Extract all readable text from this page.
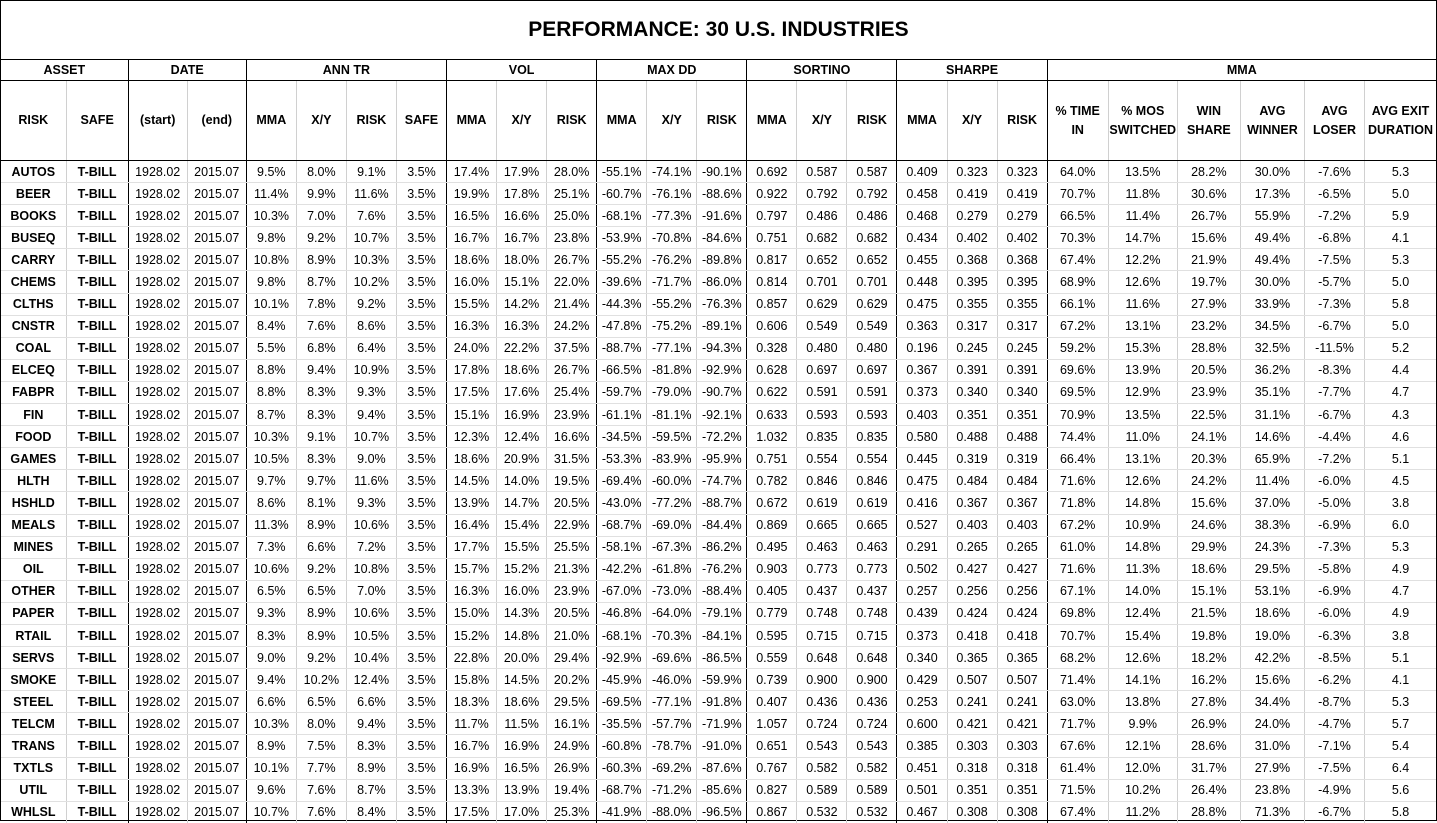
PERFORMANCE: 30 U.S. INDUSTRIES
ASSET		DATE		ANN TR				VOL			MAX DD			SORTINO			SHARPE			MMA					
RISK	SAFE	(start)	(end)	MMA	X/Y	RISK	SAFE	MMA	X/Y	RISK	MMA	X/Y	RISK	MMA	X/Y	RISK	MMA	X/Y	RISK	% TIME IN	% MOS SWITCHED	WIN SHARE	AVG WINNER	AVG LOSER	AVG EXIT DURATION
AUTOS	T-BILL	1928.02	2015.07	9.5%	8.0%	9.1%	3.5%	17.4%	17.9%	28.0%	-55.1%	-74.1%	-90.1%	0.692	0.587	0.587	0.409	0.323	0.323	64.0%	13.5%	28.2%	30.0%	-7.6%	5.3
BEER	T-BILL	1928.02	2015.07	11.4%	9.9%	11.6%	3.5%	19.9%	17.8%	25.1%	-60.7%	-76.1%	-88.6%	0.922	0.792	0.792	0.458	0.419	0.419	70.7%	11.8%	30.6%	17.3%	-6.5%	5.0
BOOKS	T-BILL	1928.02	2015.07	10.3%	7.0%	7.6%	3.5%	16.5%	16.6%	25.0%	-68.1%	-77.3%	-91.6%	0.797	0.486	0.486	0.468	0.279	0.279	66.5%	11.4%	26.7%	55.9%	-7.2%	5.9
BUSEQ	T-BILL	1928.02	2015.07	9.8%	9.2%	10.7%	3.5%	16.7%	16.7%	23.8%	-53.9%	-70.8%	-84.6%	0.751	0.682	0.682	0.434	0.402	0.402	70.3%	14.7%	15.6%	49.4%	-6.8%	4.1
CARRY	T-BILL	1928.02	2015.07	10.8%	8.9%	10.3%	3.5%	18.6%	18.0%	26.7%	-55.2%	-76.2%	-89.8%	0.817	0.652	0.652	0.455	0.368	0.368	67.4%	12.2%	21.9%	49.4%	-7.5%	5.3
CHEMS	T-BILL	1928.02	2015.07	9.8%	8.7%	10.2%	3.5%	16.0%	15.1%	22.0%	-39.6%	-71.7%	-86.0%	0.814	0.701	0.701	0.448	0.395	0.395	68.9%	12.6%	19.7%	30.0%	-5.7%	5.0
CLTHS	T-BILL	1928.02	2015.07	10.1%	7.8%	9.2%	3.5%	15.5%	14.2%	21.4%	-44.3%	-55.2%	-76.3%	0.857	0.629	0.629	0.475	0.355	0.355	66.1%	11.6%	27.9%	33.9%	-7.3%	5.8
CNSTR	T-BILL	1928.02	2015.07	8.4%	7.6%	8.6%	3.5%	16.3%	16.3%	24.2%	-47.8%	-75.2%	-89.1%	0.606	0.549	0.549	0.363	0.317	0.317	67.2%	13.1%	23.2%	34.5%	-6.7%	5.0
COAL	T-BILL	1928.02	2015.07	5.5%	6.8%	6.4%	3.5%	24.0%	22.2%	37.5%	-88.7%	-77.1%	-94.3%	0.328	0.480	0.480	0.196	0.245	0.245	59.2%	15.3%	28.8%	32.5%	-11.5%	5.2
ELCEQ	T-BILL	1928.02	2015.07	8.8%	9.4%	10.9%	3.5%	17.8%	18.6%	26.7%	-66.5%	-81.8%	-92.9%	0.628	0.697	0.697	0.367	0.391	0.391	69.6%	13.9%	20.5%	36.2%	-8.3%	4.4
FABPR	T-BILL	1928.02	2015.07	8.8%	8.3%	9.3%	3.5%	17.5%	17.6%	25.4%	-59.7%	-79.0%	-90.7%	0.622	0.591	0.591	0.373	0.340	0.340	69.5%	12.9%	23.9%	35.1%	-7.7%	4.7
FIN	T-BILL	1928.02	2015.07	8.7%	8.3%	9.4%	3.5%	15.1%	16.9%	23.9%	-61.1%	-81.1%	-92.1%	0.633	0.593	0.593	0.403	0.351	0.351	70.9%	13.5%	22.5%	31.1%	-6.7%	4.3
FOOD	T-BILL	1928.02	2015.07	10.3%	9.1%	10.7%	3.5%	12.3%	12.4%	16.6%	-34.5%	-59.5%	-72.2%	1.032	0.835	0.835	0.580	0.488	0.488	74.4%	11.0%	24.1%	14.6%	-4.4%	4.6
GAMES	T-BILL	1928.02	2015.07	10.5%	8.3%	9.0%	3.5%	18.6%	20.9%	31.5%	-53.3%	-83.9%	-95.9%	0.751	0.554	0.554	0.445	0.319	0.319	66.4%	13.1%	20.3%	65.9%	-7.2%	5.1
HLTH	T-BILL	1928.02	2015.07	9.7%	9.7%	11.6%	3.5%	14.5%	14.0%	19.5%	-69.4%	-60.0%	-74.7%	0.782	0.846	0.846	0.475	0.484	0.484	71.6%	12.6%	24.2%	11.4%	-6.0%	4.5
HSHLD	T-BILL	1928.02	2015.07	8.6%	8.1%	9.3%	3.5%	13.9%	14.7%	20.5%	-43.0%	-77.2%	-88.7%	0.672	0.619	0.619	0.416	0.367	0.367	71.8%	14.8%	15.6%	37.0%	-5.0%	3.8
MEALS	T-BILL	1928.02	2015.07	11.3%	8.9%	10.6%	3.5%	16.4%	15.4%	22.9%	-68.7%	-69.0%	-84.4%	0.869	0.665	0.665	0.527	0.403	0.403	67.2%	10.9%	24.6%	38.3%	-6.9%	6.0
MINES	T-BILL	1928.02	2015.07	7.3%	6.6%	7.2%	3.5%	17.7%	15.5%	25.5%	-58.1%	-67.3%	-86.2%	0.495	0.463	0.463	0.291	0.265	0.265	61.0%	14.8%	29.9%	24.3%	-7.3%	5.3
OIL	T-BILL	1928.02	2015.07	10.6%	9.2%	10.8%	3.5%	15.7%	15.2%	21.3%	-42.2%	-61.8%	-76.2%	0.903	0.773	0.773	0.502	0.427	0.427	71.6%	11.3%	18.6%	29.5%	-5.8%	4.9
OTHER	T-BILL	1928.02	2015.07	6.5%	6.5%	7.0%	3.5%	16.3%	16.0%	23.9%	-67.0%	-73.0%	-88.4%	0.405	0.437	0.437	0.257	0.256	0.256	67.1%	14.0%	15.1%	53.1%	-6.9%	4.7
PAPER	T-BILL	1928.02	2015.07	9.3%	8.9%	10.6%	3.5%	15.0%	14.3%	20.5%	-46.8%	-64.0%	-79.1%	0.779	0.748	0.748	0.439	0.424	0.424	69.8%	12.4%	21.5%	18.6%	-6.0%	4.9
RTAIL	T-BILL	1928.02	2015.07	8.3%	8.9%	10.5%	3.5%	15.2%	14.8%	21.0%	-68.1%	-70.3%	-84.1%	0.595	0.715	0.715	0.373	0.418	0.418	70.7%	15.4%	19.8%	19.0%	-6.3%	3.8
SERVS	T-BILL	1928.02	2015.07	9.0%	9.2%	10.4%	3.5%	22.8%	20.0%	29.4%	-92.9%	-69.6%	-86.5%	0.559	0.648	0.648	0.340	0.365	0.365	68.2%	12.6%	18.2%	42.2%	-8.5%	5.1
SMOKE	T-BILL	1928.02	2015.07	9.4%	10.2%	12.4%	3.5%	15.8%	14.5%	20.2%	-45.9%	-46.0%	-59.9%	0.739	0.900	0.900	0.429	0.507	0.507	71.4%	14.1%	16.2%	15.6%	-6.2%	4.1
STEEL	T-BILL	1928.02	2015.07	6.6%	6.5%	6.6%	3.5%	18.3%	18.6%	29.5%	-69.5%	-77.1%	-91.8%	0.407	0.436	0.436	0.253	0.241	0.241	63.0%	13.8%	27.8%	34.4%	-8.7%	5.3
TELCM	T-BILL	1928.02	2015.07	10.3%	8.0%	9.4%	3.5%	11.7%	11.5%	16.1%	-35.5%	-57.7%	-71.9%	1.057	0.724	0.724	0.600	0.421	0.421	71.7%	9.9%	26.9%	24.0%	-4.7%	5.7
TRANS	T-BILL	1928.02	2015.07	8.9%	7.5%	8.3%	3.5%	16.7%	16.9%	24.9%	-60.8%	-78.7%	-91.0%	0.651	0.543	0.543	0.385	0.303	0.303	67.6%	12.1%	28.6%	31.0%	-7.1%	5.4
TXTLS	T-BILL	1928.02	2015.07	10.1%	7.7%	8.9%	3.5%	16.9%	16.5%	26.9%	-60.3%	-69.2%	-87.6%	0.767	0.582	0.582	0.451	0.318	0.318	61.4%	12.0%	31.7%	27.9%	-7.5%	6.4
UTIL	T-BILL	1928.02	2015.07	9.6%	7.6%	8.7%	3.5%	13.3%	13.9%	19.4%	-68.7%	-71.2%	-85.6%	0.827	0.589	0.589	0.501	0.351	0.351	71.5%	10.2%	26.4%	23.8%	-4.9%	5.6
WHLSL	T-BILL	1928.02	2015.07	10.7%	7.6%	8.4%	3.5%	17.5%	17.0%	25.3%	-41.9%	-88.0%	-96.5%	0.867	0.532	0.532	0.467	0.308	0.308	67.4%	11.2%	28.8%	71.3%	-6.7%	5.8
